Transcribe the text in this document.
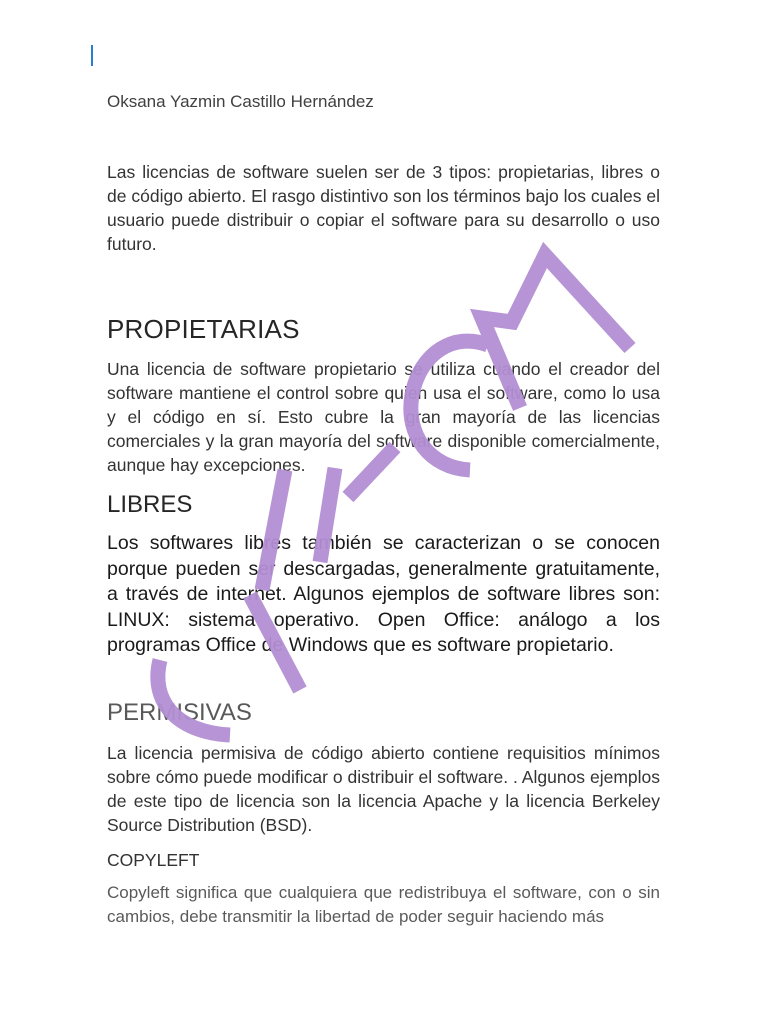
Oksana Yazmin Castillo Hernández

Las licencias de software suelen ser de 3 tipos: propietarias, libres o de código abierto. El rasgo distintivo son los términos bajo los cuales el usuario puede distribuir o copiar el software para su desarrollo o uso futuro.

PROPIETARIAS

Una licencia de software propietario se utiliza cuando el creador del software mantiene el control sobre quien usa el software, como lo usa y el código en sí. Esto cubre la gran mayoría de las licencias comerciales y la gran mayoría del software disponible comercialmente, aunque hay excepciones.

LIBRES

Los softwares libres también se caracterizan o se conocen porque pueden ser descargadas, generalmente gratuitamente, a través de internet. Algunos ejemplos de software libres son: LINUX: sistema operativo. Open Office: análogo a los programas Office de Windows que es software propietario.

PERMISIVAS

La licencia permisiva de código abierto contiene requisitios mínimos sobre cómo puede modificar o distribuir el software. . Algunos ejemplos de este tipo de licencia son la licencia Apache y la licencia Berkeley Source Distribution (BSD).

COPYLEFT

Copyleft significa que cualquiera que redistribuya el software, con o sin cambios, debe transmitir la libertad de poder seguir haciendo más
